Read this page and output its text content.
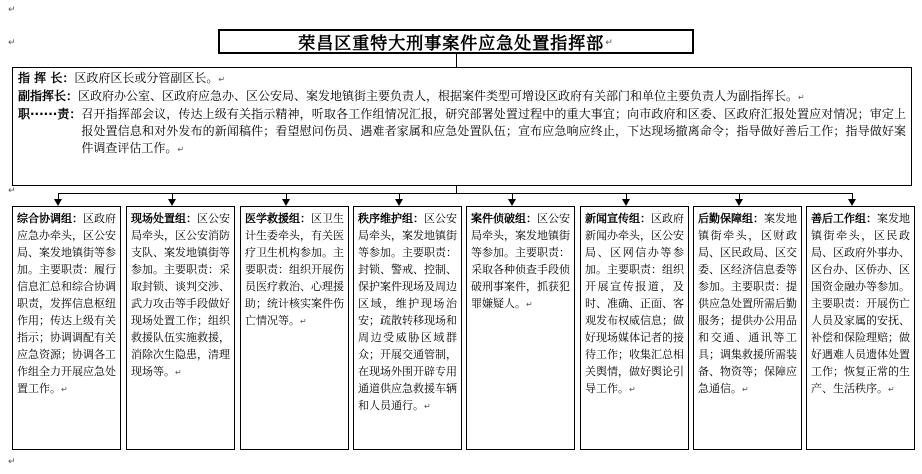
↵
↵
↵
↵
荣昌区重特大刑事案件应急处置指挥部 ↵
指 挥 长： 区政府区长或分管副区长。↵
副指挥长： 区政府办公室、区政府应急办、区公安局、案发地镇街主要负责人，根据案件类型可增设区政府有关部门和单位主要负责人为副指挥长。↵
职······责： 召开指挥部会议，传达上级有关指示精神，听取各工作组情况汇报，研究部署处置过程中的重大事宜；向市政府和区委、区政府汇报处置应对情况；审定上报处置信息和对外发布的新闻稿件；看望慰问伤员、遇难者家属和应急处置队伍；宣布应急响应终止，下达现场撤离命令；指导做好善后工作；指导做好案件调查评估工作。↵
综合协调组：区政府应急办牵头，区公安局、案发地镇街等参加。主要职责：履行信息汇总和综合协调职责，发挥信息枢纽作用；传达上级有关指示；协调调配有关应急资源；协调各工作组全力开展应急处置工作。↵
现场处置组：区公安局牵头，区公安消防支队、案发地镇街等参加。主要职责：采取封锁、谈判交涉、武力攻击等手段做好现场处置工作；组织救援队伍实施救援，消除次生隐患，清理现场等。↵
医学救援组：区卫生计生委牵头，有关医疗卫生机构参加。主要职责：组织开展伤员医疗救治、心理援助；统计核实案件伤亡情况等。↵
秩序维护组：区公安局牵头，案发地镇街等参加。主要职责：封锁、警戒、控制、保护案件现场及周边区域，维护现场治安；疏散转移现场和周边受威胁区域群众；开展交通管制，在现场外围开辟专用通道供应急救援车辆和人员通行。↵
案件侦破组：区公安局牵头，案发地镇街等参加。主要职责：采取各种侦查手段侦破刑事案件，抓获犯罪嫌疑人。↵
新闻宣传组：区政府新闻办牵头，区公安局、区网信办等参加。主要职责：组织开展宣传报道，及时、准确、正面、客观发布权威信息；做好现场媒体记者的接待工作；收集汇总相关舆情，做好舆论引导工作。↵
后勤保障组：案发地镇街牵头，区财政局、区民政局、区交委、区经济信息委等参加。主要职责：提供应急处置所需后勤服务；提供办公用品和交通、通讯等工具；调集救援所需装备、物资等；保障应急通信。↵
善后工作组：案发地镇街牵头，区民政局、区政府外事办、区台办、区侨办、区国资金融办等参加。主要职责：开展伤亡人员及家属的安抚、补偿和保险理赔；做好遇难人员遗体处置工作；恢复正常的生产、生活秩序。↵
